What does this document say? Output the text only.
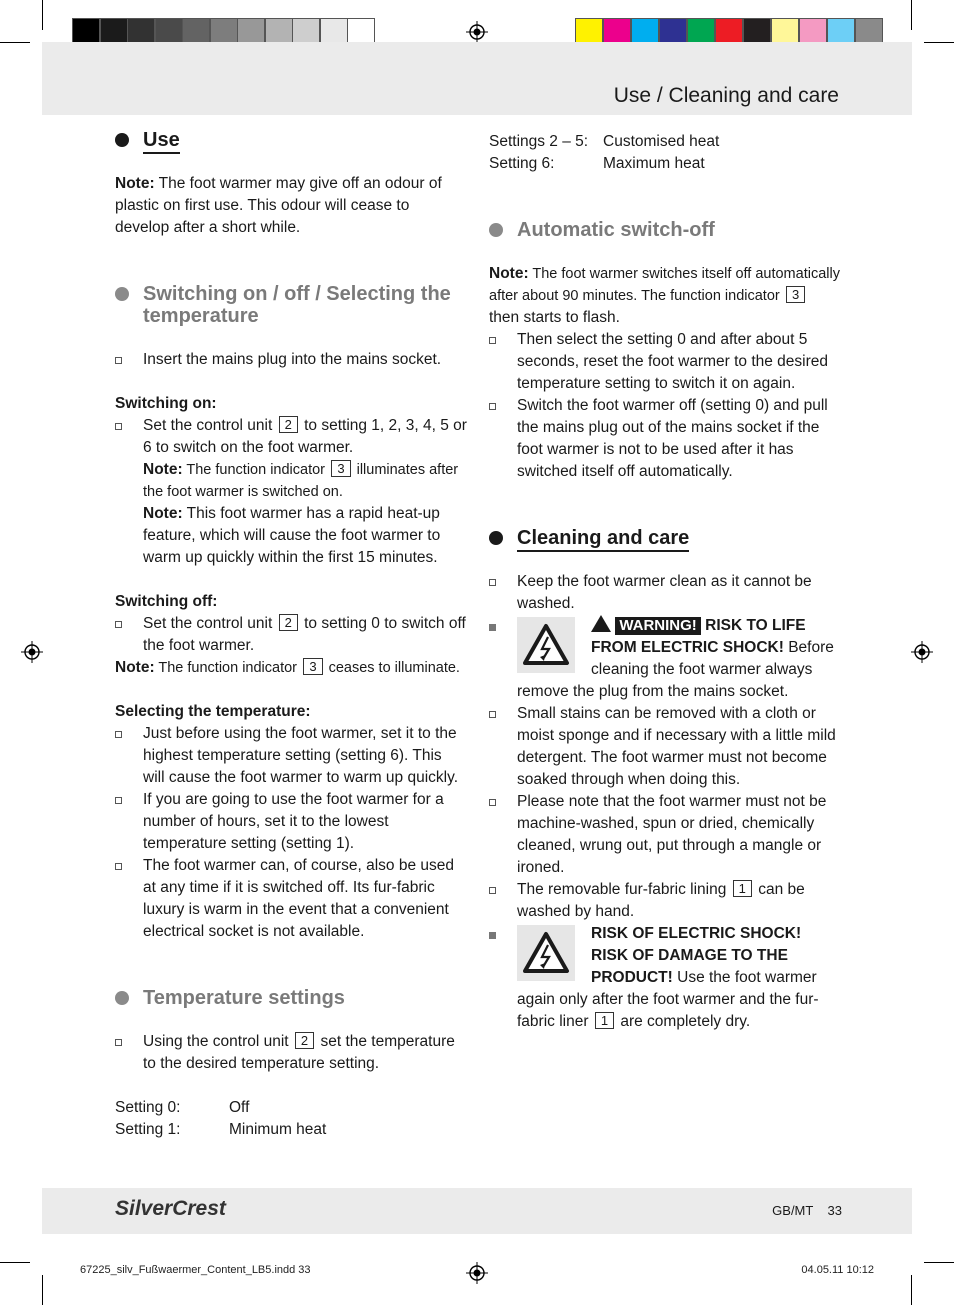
Use / Cleaning and care
Use

Note: The foot warmer may give off an odour of plastic on first use. This odour will cease to develop after a short while.

Switching on / off / Selecting the temperature
Insert the mains plug into the mains socket.

Switching on:

Set the control unit 2 to setting 1, 2, 3, 4, 5 or 6 to switch on the foot warmer.
Note: The function indicator 3 illuminates after the foot warmer is switched on.
Note: This foot warmer has a rapid heat-up feature, which will cause the foot warmer to warm up quickly within the first 15 minutes.

Switching off:

Set the control unit 2 to setting 0 to switch off the foot warmer.

Note: The function indicator 3 ceases to illuminate.

Selecting the temperature:

Just before using the foot warmer, set it to the highest temperature setting (setting 6). This will cause the foot warmer to warm up quickly.
If you are going to use the foot warmer for a number of hours, set it to the lowest temperature setting (setting 1).
The foot warmer can, of course, also be used at any time if it is switched off. Its fur-fabric luxury is warm in the event that a convenient electrical socket is not available.
Temperature settings
Using the control unit 2 set the temperature to the desired temperature setting.
Setting 0:	Off
Setting 1:	Minimum heat
Settings 2 – 5: Customised heat
Setting 6:	Maximum heat
Automatic switch-off

Note: The foot warmer switches itself off automatically after about 90 minutes. The function indicator 3 then starts to flash.

Then select the setting 0 and after about 5 seconds, reset the foot warmer to the desired temperature setting to switch it on again.
Switch the foot warmer off (setting 0) and pull the mains plug out of the mains socket if the foot warmer is not to be used after it has switched itself off automatically.
Cleaning and care
Keep the foot warmer clean as it cannot be washed.
WARNING! RISK TO LIFE FROM ELECTRIC SHOCK! Before cleaning the foot warmer always remove the plug from the mains socket.
Small stains can be removed with a cloth or moist sponge and if necessary with a little mild detergent. The foot warmer must not become soaked through when doing this.
Please note that the foot warmer must not be machine-washed, spun or dried, chemically cleaned, wrung out, put through a mangle or ironed.
The removable fur-fabric lining 1 can be washed by hand.
RISK OF ELECTRIC SHOCK! RISK OF DAMAGE TO THE PRODUCT! Use the foot warmer again only after the foot warmer and the fur-fabric liner 1 are completely dry.
SilverCrest	GB/MT    33
67225_silv_Fußwaermer_Content_LB5.indd 33	04.05.11 10:12
